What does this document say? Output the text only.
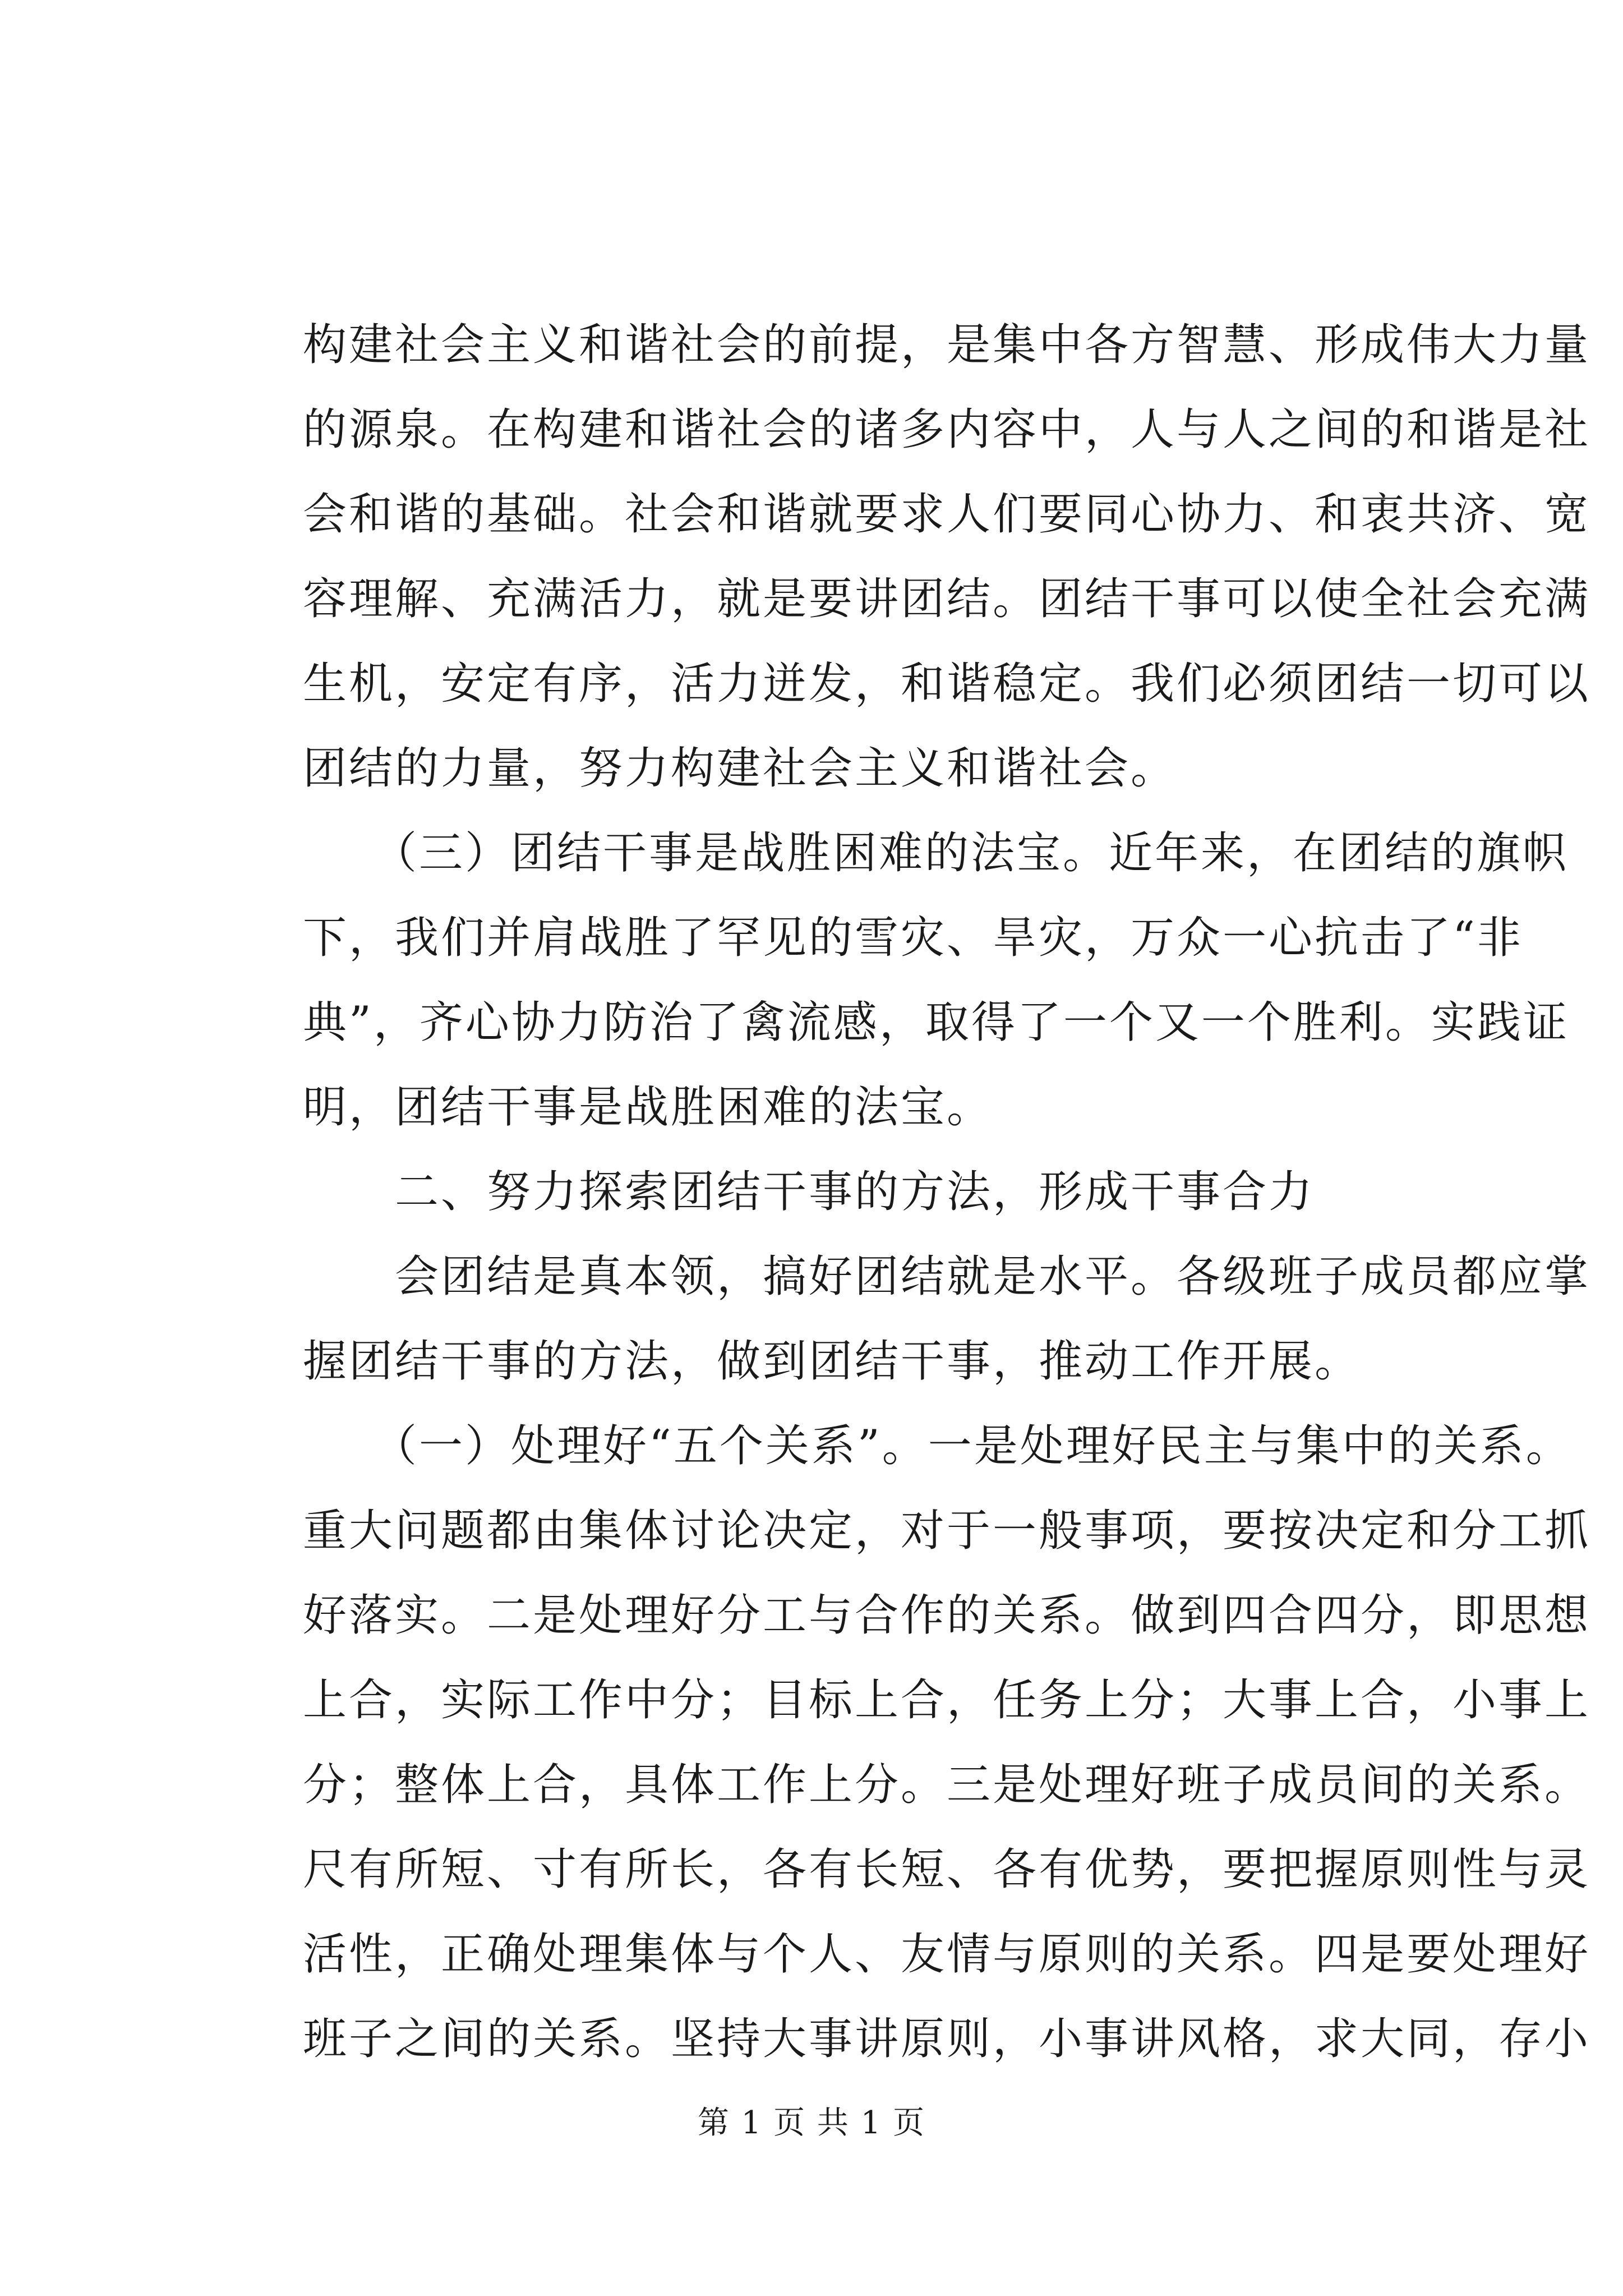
构建社会主义和谐社会的前提，是集中各方智慧、形成伟大力量
的源泉。在构建和谐社会的诸多内容中，人与人之间的和谐是社
会和谐的基础。社会和谐就要求人们要同心协力、和衷共济、宽
容理解、充满活力，就是要讲团结。团结干事可以使全社会充满
生机，安定有序，活力迸发，和谐稳定。我们必须团结一切可以
团结的力量，努力构建社会主义和谐社会。
　　（三）团结干事是战胜困难的法宝。近年来，在团结的旗帜
下，我们并肩战胜了罕见的雪灾、旱灾，万众一心抗击了“非
典”，齐心协力防治了禽流感，取得了一个又一个胜利。实践证
明，团结干事是战胜困难的法宝。
　　二、努力探索团结干事的方法，形成干事合力
　　会团结是真本领，搞好团结就是水平。各级班子成员都应掌
握团结干事的方法，做到团结干事，推动工作开展。
　　（一）处理好“五个关系”。一是处理好民主与集中的关系。
重大问题都由集体讨论决定，对于一般事项，要按决定和分工抓
好落实。二是处理好分工与合作的关系。做到四合四分，即思想
上合，实际工作中分；目标上合，任务上分；大事上合，小事上
分；整体上合，具体工作上分。三是处理好班子成员间的关系。
尺有所短、寸有所长，各有长短、各有优势，要把握原则性与灵
活性，正确处理集体与个人、友情与原则的关系。四是要处理好
班子之间的关系。坚持大事讲原则，小事讲风格，求大同，存小
第 1 页 共 1 页
